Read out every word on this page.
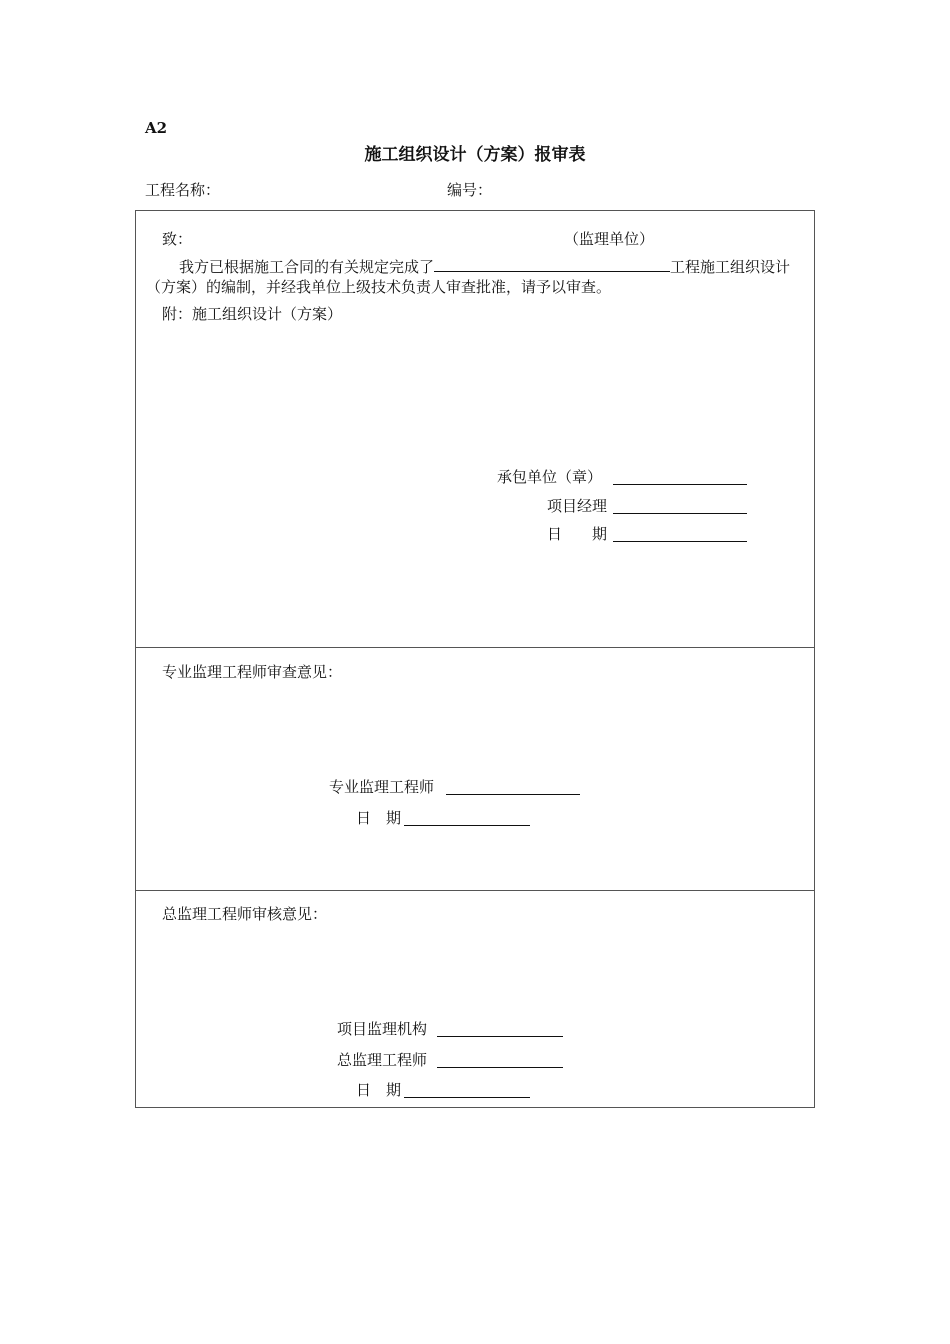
A2
施工组织设计（方案）报审表
工程名称：	编号：
致：	（监理单位）
我方已根据施工合同的有关规定完成了	工程施工组织设计（方案）的编制，并经我单位上级技术负责人审查批准，请予以审查。
附：施工组织设计（方案）
承包单位（章）
项目经理
日　　期
专业监理工程师审查意见：
专业监理工程师
日　期
总监理工程师审核意见：
项目监理机构
总监理工程师
日　期
